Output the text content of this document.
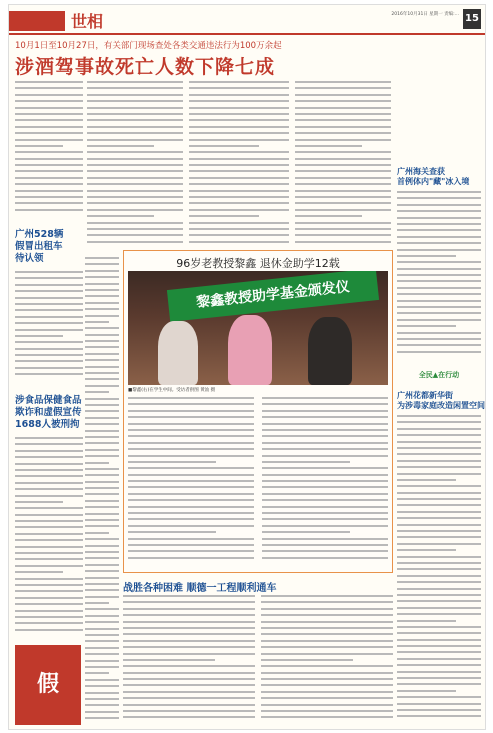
世相	2016年10月31日 星期一 责编:... 15
10月1日至10月27日，有关部门现场查处各类交通违法行为100万余起
涉酒驾事故死亡人数下降七成
广州528辆
假冒出租车
待认领
涉食品保健食品
欺诈和虚假宣传
1688人被刑拘
假
96岁老教授黎鑫 退休金助学12载
黎鑫教授助学基金颁发仪
■黎鑫(右)在学生中间。受访者供图 黄汕 摄
战胜各种困难 顺德一工程顺利通车
广州海关查获
首例体内"藏"冰入境
全民▲在行动
广州花都新华街
为涉毒家庭改造闲置空间
